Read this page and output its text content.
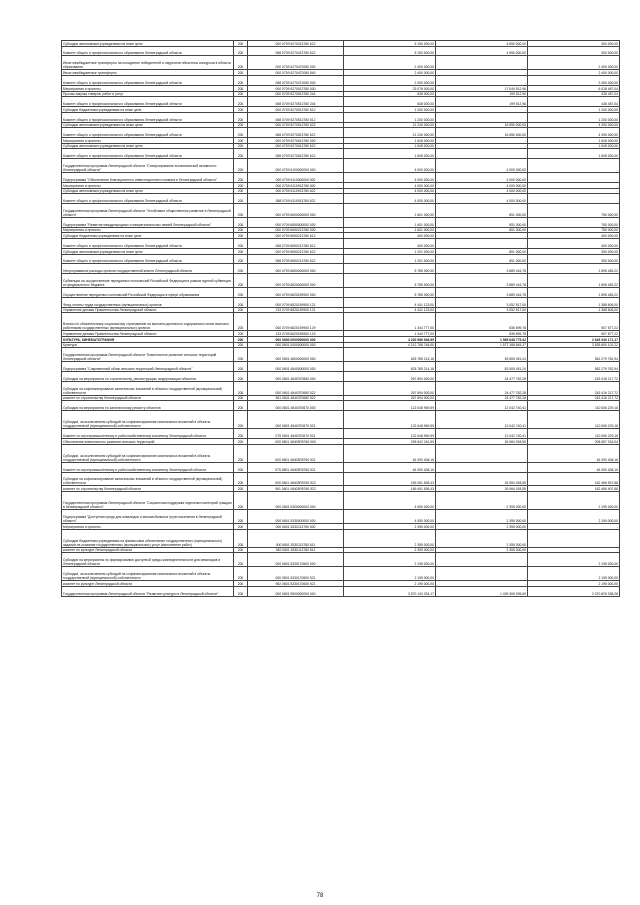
Субсидии автономным учреждениям на иные цели	200	000 0709 5270413780 622	5 150 000,00	4 850 000,00	300 000,00
Комитет общего и профессионального образования Ленинградской области	200	088 0709 5270413780 622	5 150 000,00	4 850 000,00	300 000,00
Иные межбюджетные трансферты на поощрение победителей и лауреатов областных конкурсов в области образования	200	000 0709 5270472080 000	2 400 000,00	-	2 400 000,00
Иные межбюджетные трансферты	200	000 0709 5270472080 540	2 400 000,00	-	2 400 000,00
Комитет общего и профессионального образования Ленинградской области	200	088 0709 5270472080 540	2 400 000,00	-	2 400 000,00
Мероприятия и проекты	200	000 0709 5270513780 000	23 078 000,00	17 049 512,96	6 028 487,04
Прочая закупка товаров, работ и услуг	200	000 0709 5270513780 244	638 000,00	199 512,96	438 487,04
Комитет общего и профессионального образования Ленинградской области	200	088 0709 5270513780 244	638 000,00	199 512,96	438 487,04
Субсидии бюджетным учреждениям на иные цели	200	000 0709 5270513780 612	1 200 000,00	-	1 200 000,00
Комитет общего и профессионального образования Ленинградской области	200	088 0709 5270513780 612	1 200 000,00	-	1 200 000,00
Субсидии автономным учреждениям на иные цели	200	000 0709 5270513780 622	21 240 000,00	16 850 000,00	4 390 000,00
Комитет общего и профессионального образования Ленинградской области	200	088 0709 5270513780 622	21 240 000,00	16 850 000,00	4 390 000,00
Мероприятия и проекты	200	000 0709 5270613780 000	1 645 000,00	-	1 645 000,00
Субсидии автономным учреждениям на иные цели	200	000 0709 5270613780 622	1 645 000,00	-	1 645 000,00
Комитет общего и профессионального образования Ленинградской области	200	088 0709 5270613780 622	1 645 000,00	-	1 645 000,00
Государственная программа Ленинградской области "Стимулирование экономической активности Ленинградской области"	200	000 0709 6100000000 000	4 000 000,00	4 000 000,00	-
Подпрограмма "Обеспечение благоприятного инвестиционного климата в Ленинградской области"	200	000 0709 6110000000 000	4 000 000,00	4 000 000,00	-
Мероприятия и проекты	200	000 0709 6110913780 000	4 000 000,00	4 000 000,00	-
Субсидии автономным учреждениям на иные цели	200	000 0709 6110913780 622	4 000 000,00	4 000 000,00	-
Комитет общего и профессионального образования Ленинградской области	200	088 0709 6110913780 622	4 000 000,00	4 000 000,00	-
Государственная программа Ленинградской области "Устойчивое общественное развитие в Ленинградской области"	200	000 0709 6600000000 000	1 601 000,00	851 000,00	750 000,00
Подпрограмма "Развитие международных и межрегиональных связей Ленинградской области"	200	000 0709 6650000000 000	1 601 000,00	851 000,00	750 000,00
Мероприятия и проекты	200	000 0709 6650213780 000	1 601 000,00	851 000,00	750 000,00
Субсидии бюджетным учреждениям на иные цели	200	000 0709 6650213780 612	400 000,00	-	400 000,00
Комитет общего и профессионального образования Ленинградской области	200	088 0709 6650213780 612	400 000,00	-	400 000,00
Субсидии автономным учреждениям на иные цели	200	000 0709 6650213780 622	1 201 000,00	851 000,00	350 000,00
Комитет общего и профессионального образования Ленинградской области	200	088 0709 6650213780 622	1 201 000,00	851 000,00	350 000,00
Непрограммные расходы органов государственной власти Ленинградской области	200	000 0709 6800000000 000	5 785 900,00	3 889 416,78	1 896 483,22
Субвенции на осуществление переданных полномочий Российской Федерации в рамках единой субвенции из федерального бюджета	200	000 0709 6820000000 000	5 785 900,00	3 889 416,78	1 896 483,22
Осуществление переданных полномочий Российской Федерации в сфере образования	200	000 0709 6820159900 000	5 785 900,00	3 889 416,78	1 896 483,22
Фонд оплаты труда государственных (муниципальных) органов	200	000 0709 6820159900 121	4 441 123,00	3 052 517,00	1 388 606,00
Управление делами Правительства Ленинградской области	200	133 0709 6820159900 121	4 441 123,00	3 052 517,00	1 388 606,00
Взносы по обязательному социальному страхованию на выплаты денежного содержания и иные выплаты работникам государственных (муниципальных) органов	200	000 0709 6820159900 129	1 344 777,00	836 899,78	507 877,22
Управление делами Правительства Ленинградской области	200	133 0709 6820159900 129	1 344 777,00	836 899,78	507 877,22
КУЛЬТУРА, КИНЕМАТОГРАФИЯ	200	000 0800 0000000000 000	4 230 988 946,99	1 585 648 775,42	2 645 340 171,17
Культура	200	000 0801 0000000000 000	4 212 788 746,00	1 577 188 645,37	2 635 600 101,22
Государственная программа Ленинградской области "Комплексное развитие сельских территорий Ленинградской области"	200	000 0801 4800000000 000	625 785 214,18	63 505 451,24	562 279 762,94
Подпрограмма "Современный облик сельских территорий Ленинградской области"	200	000 0801 4840000000 000	625 785 214,18	63 505 451,24	562 279 762,94
Субсидии на мероприятия по строительству, реконструкции, модернизации объектов	200	000 0801 4840370680 000	267 894 000,00	24 477 782,28	243 416 217,72
Субсидии на софинансирование капитальных вложений в объекты государственной (муниципальной) собственности	200	000 0801 4840370680 522	267 894 000,00	24 477 782,28	243 416 217,72
комитет по строительству Ленинградской области	200	981 0801 4840370680 522	267 894 000,00	24 477 782,28	243 416 217,72
Субсидии на мероприятия по капитальному ремонту объектов	200	000 0801 4840370670 000	122 048 969,59	12 042 740,41	110 006 229,18
Субсидии, за исключением субсидий на софинансирование капитальных вложений в объекты государственной (муниципальной) собственности	200	000 0801 4840370670 521	122 048 969,59	12 042 740,41	110 006 229,18
Комитет по агропромышленному и рыбохозяйственному комплексу Ленинградской области	200	075 0801 4840370670 521	122 048 969,59	12 042 740,41	110 006 229,18
Обеспечение комплексного развития сельских территорий	200	000 0801 48403R5760 000	235 842 244,59	26 984 928,55	208 857 316,04
Субсидии, за исключением субсидий на софинансирование капитальных вложений в объекты государственной (муниципальной) собственности	200	000 0801 48403R5760 521	46 390 408,16	-	46 390 408,16
Комитет по агропромышленному и рыбохозяйственному комплексу Ленинградской области	200	075 0801 48403R5760 521	46 390 408,16	-	46 390 408,16
Субсидии на софинансирование капитальных вложений в объекты государственной (муниципальной) собственности	200	000 0801 48403R5760 522	189 451 836,43	26 984 928,55	162 466 907,88
комитет по строительству Ленинградской области	200	981 0801 48403R5760 522	189 451 836,43	26 984 928,55	162 466 907,88
Государственная программа Ленинградской области "Социальная поддержка отдельных категорий граждан в Ленинградской области"	200	000 0801 5300000000 000	4 550 000,00	2 355 000,00	2 195 000,00
Подпрограмма "Доступная среда для инвалидов и маломобильных групп населения в Ленинградской области"	200	000 0801 5330000000 000	4 550 000,00	2 355 000,00	2 195 000,00
Мероприятия и проекты	200	000 0801 5330113780 000	2 355 000,00	2 355 000,00	-
Субсидии бюджетным учреждениям на финансовое обеспечение государственного (муниципального) задания на оказание государственных (муниципальных) услуг (выполнение работ)	200	000 0801 5330113780 611	2 355 000,00	2 355 000,00	-
комитет по культуре Ленинградской области	200	982 0801 5330113780 611	2 355 000,00	2 355 000,00	-
Субсидии на мероприятия по формированию доступной среды жизнедеятельности для инвалидов в Ленинградской области	200	000 0801 5330170600 000	2 195 000,00	-	2 195 000,00
Субсидии, за исключением субсидий на софинансирование капитальных вложений в объекты государственной (муниципальной) собственности	200	000 0801 5330170600 521	2 195 000,00	-	2 195 000,00
комитет по культуре Ленинградской области	200	982 0801 5330170600 521	2 195 000,00	-	2 195 000,00
Государственная программа Ленинградской области "Развитие культуры в Ленинградской области"	200	000 0801 5500000000 000	3 570 134 334,17	1 499 308 995,89	2 070 825 338,28
78
